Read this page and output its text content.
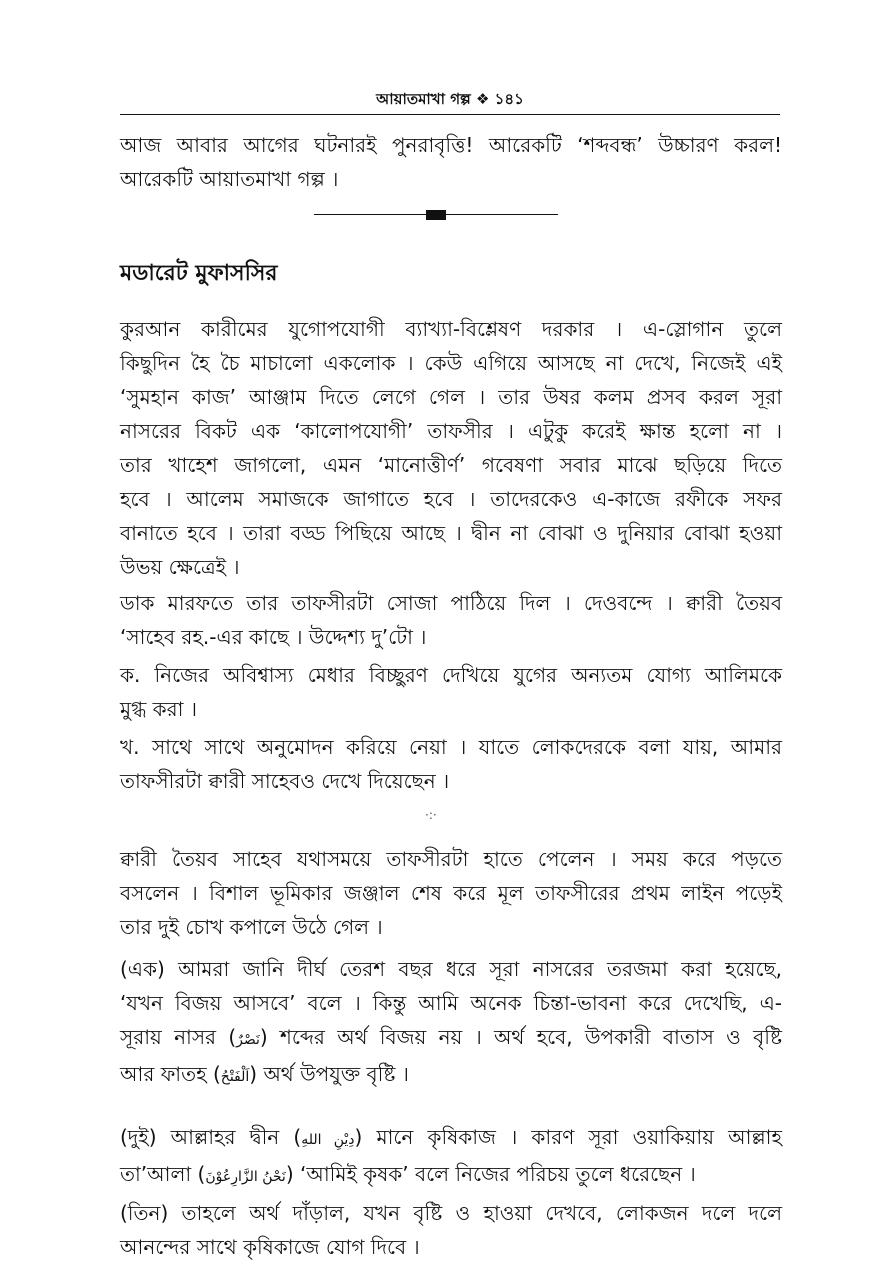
আয়াতমাখা গল্প ❖ ১৪১

আজ আবার আগের ঘটনারই পুনরাবৃত্তি! আরেকটি ‘শব্দবন্ধ’ উচ্চারণ করল!
আরেকটি আয়াতমাখা গল্প ।

মডারেট মুফাসসির

কুরআন কারীমের যুগোপযোগী ব্যাখ্যা-বিশ্লেষণ দরকার । এ-স্লোগান তুলে
কিছুদিন হৈ চৈ মাচালো একলোক । কেউ এগিয়ে আসছে না দেখে, নিজেই এই
‘সুমহান কাজ’ আঞ্জাম দিতে লেগে গেল । তার উষর কলম প্রসব করল সূরা
নাসরের বিকট এক ‘কালোপযোগী’ তাফসীর । এটুকু করেই ক্ষান্ত হলো না ।
তার খাহেশ জাগলো, এমন ‘মানোত্তীর্ণ’ গবেষণা সবার মাঝে ছড়িয়ে দিতে
হবে । আলেম সমাজকে জাগাতে হবে । তাদেরকেও এ-কাজে রফীকে সফর
বানাতে হবে । তারা বড্ড পিছিয়ে আছে । দ্বীন না বোঝা ও দুনিয়ার বোঝা হওয়া
উভয় ক্ষেত্রেই ।

ডাক মারফতে তার তাফসীরটা সোজা পাঠিয়ে দিল । দেওবন্দে । ক্বারী তৈয়ব
‘সাহেব রহ.-এর কাছে । উদ্দেশ্য দু’টো ।

ক. নিজের অবিশ্বাস্য মেধার বিচ্ছুরণ দেখিয়ে যুগের অন্যতম যোগ্য আলিমকে
মুগ্ধ করা ।

খ. সাথে সাথে অনুমোদন করিয়ে নেয়া । যাতে লোকদেরকে বলা যায়, আমার
তাফসীরটা ক্বারী সাহেবও দেখে দিয়েছেন ।

·:·

ক্বারী তৈয়ব সাহেব যথাসময়ে তাফসীরটা হাতে পেলেন । সময় করে পড়তে
বসলেন । বিশাল ভূমিকার জঞ্জাল শেষ করে মূল তাফসীরের প্রথম লাইন পড়েই
তার দুই চোখ কপালে উঠে গেল ।

(এক) আমরা জানি দীর্ঘ তেরশ বছর ধরে সূরা নাসরের তরজমা করা হয়েছে,
‘যখন বিজয় আসবে’ বলে । কিন্তু আমি অনেক চিন্তা-ভাবনা করে দেখেছি, এ-
সূরায় নাসর (نَصْرٌ) শব্দের অর্থ বিজয় নয় । অর্থ হবে, উপকারী বাতাস ও বৃষ্টি
আর ফাতহ (اَلْفَتْحُ) অর্থ উপযুক্ত বৃষ্টি ।

(দুই) আল্লাহর দ্বীন (دِيْنِ اللهِ) মানে কৃষিকাজ । কারণ সূরা ওয়াকিয়ায় আল্লাহ
তা’আলা (نَحْنُ الزَّارِعُوْنَ) ‘আমিই কৃষক’ বলে নিজের পরিচয় তুলে ধরেছেন ।

(তিন) তাহলে অর্থ দাঁড়াল, যখন বৃষ্টি ও হাওয়া দেখবে, লোকজন দলে দলে
আনন্দের সাথে কৃষিকাজে যোগ দিবে ।
